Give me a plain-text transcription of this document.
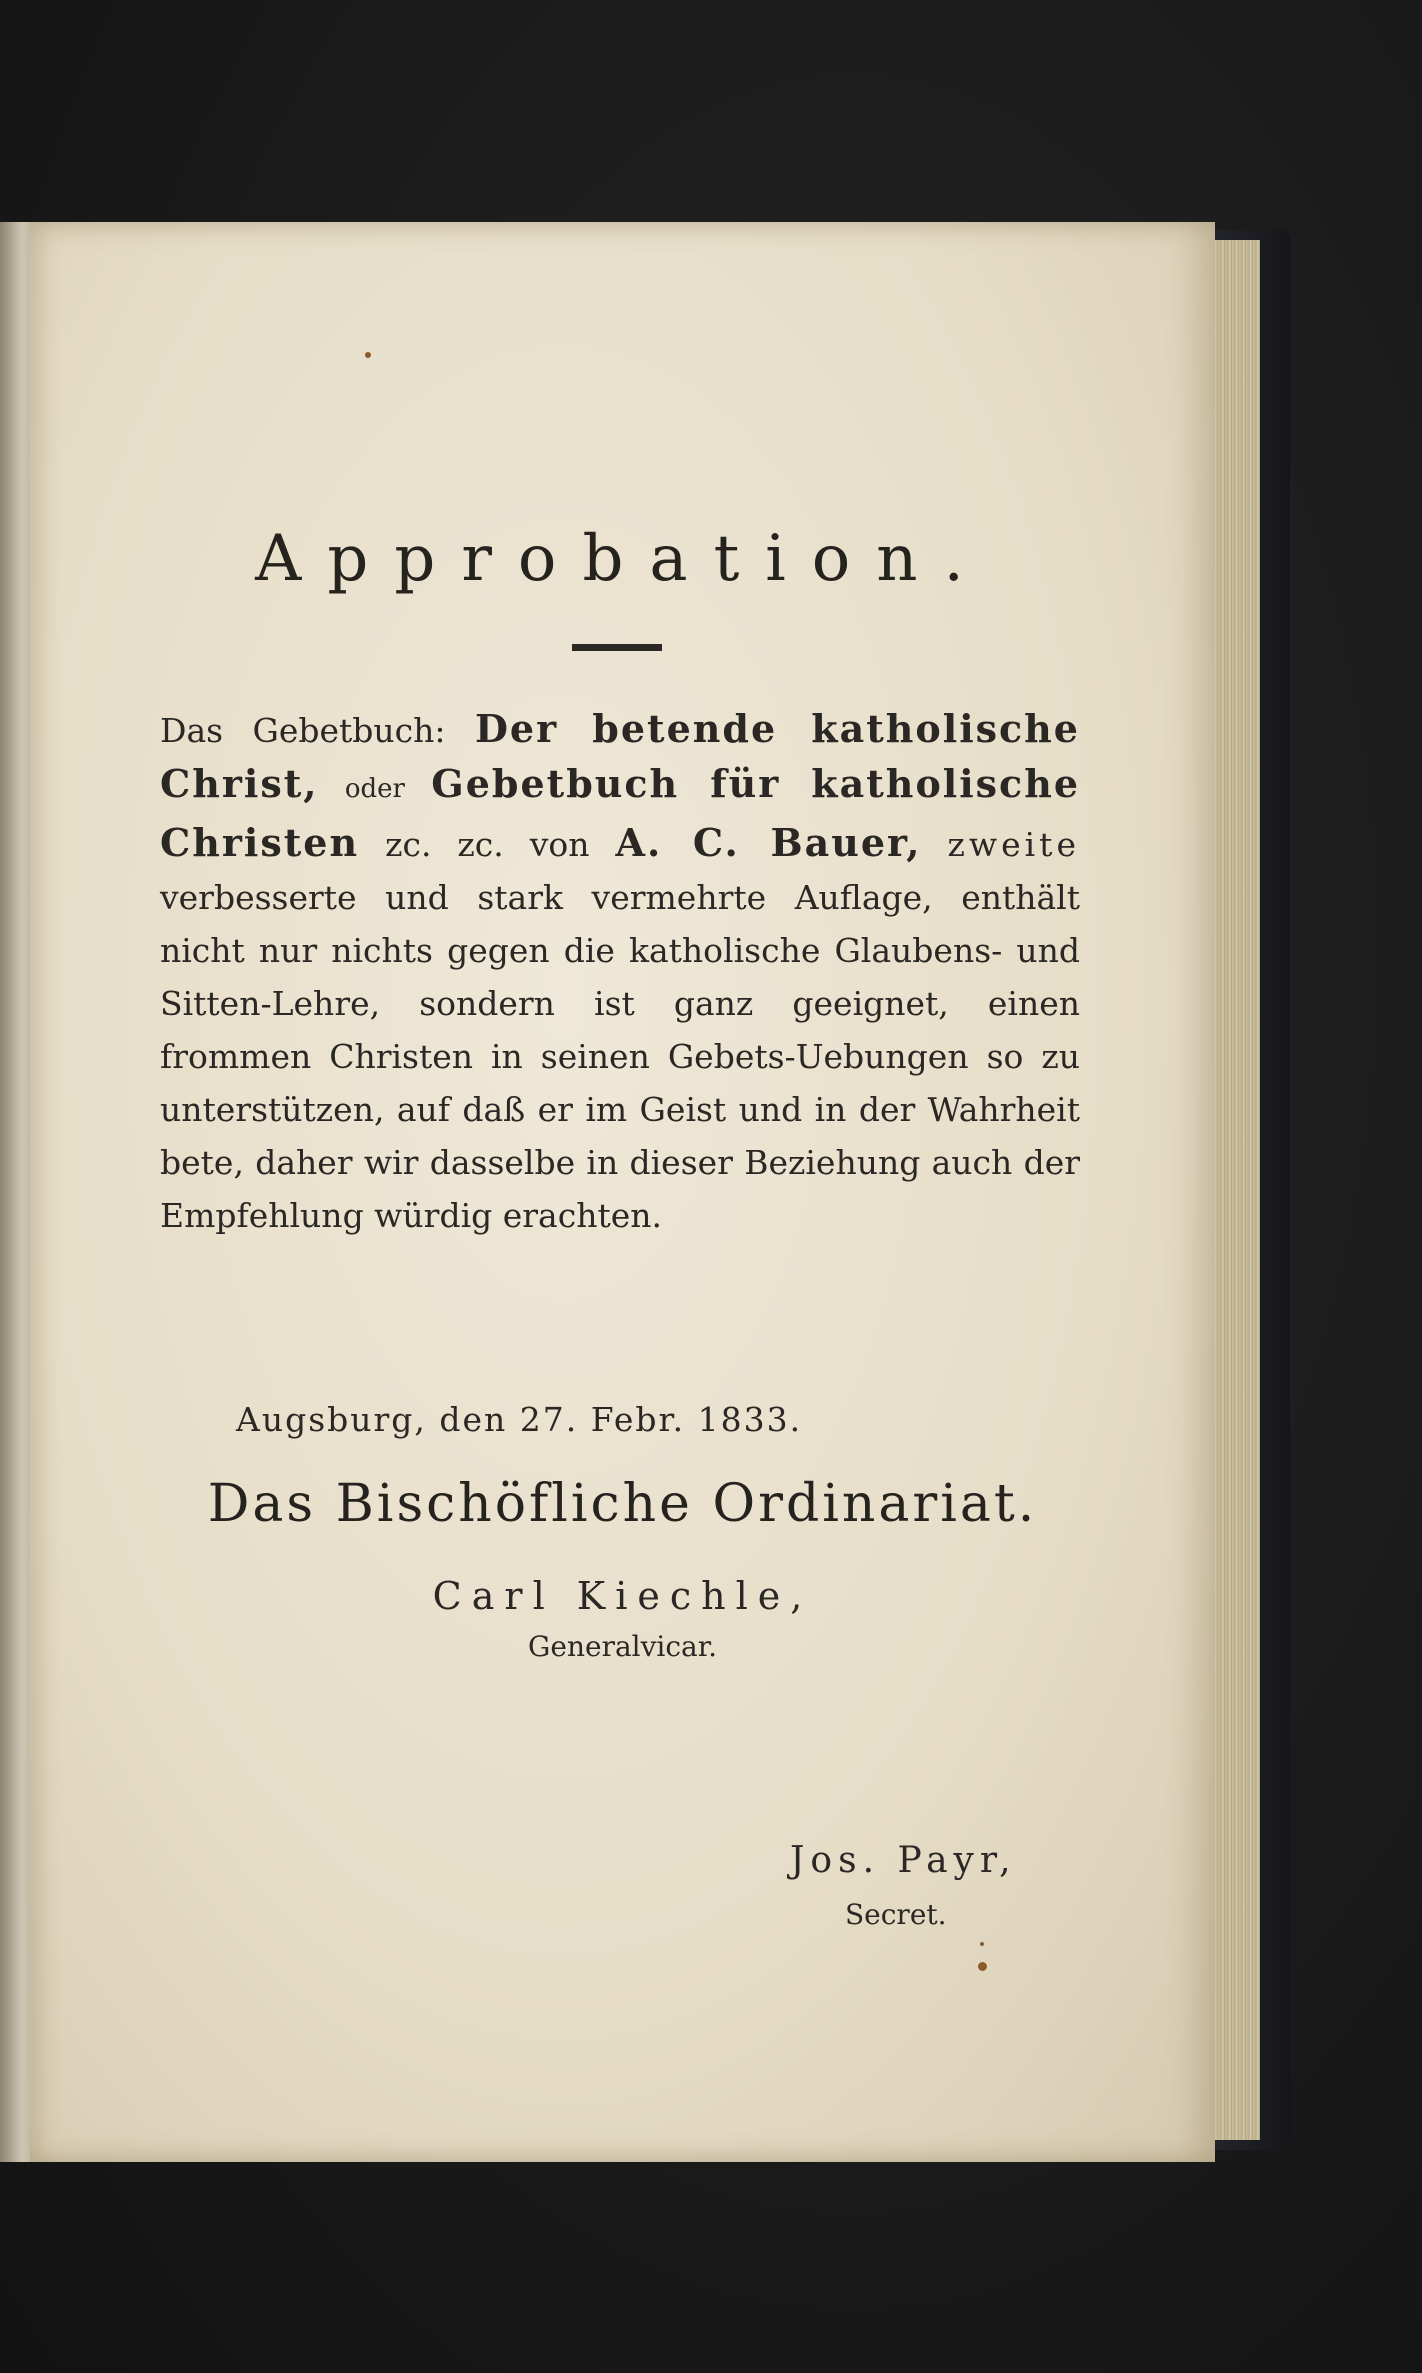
Approbation.
Das Gebetbuch: Der betende katholische Christ, oder Gebetbuch für katholische Christen zc. zc. von A. C. Bauer, zweite verbesserte und stark vermehrte Auflage, enthält nicht nur nichts gegen die katholische Glaubens- und Sitten-Lehre, sondern ist ganz geeignet, einen frommen Christen in seinen Gebets-Uebungen so zu unterstützen, auf daß er im Geist und in der Wahrheit bete, daher wir dasselbe in dieser Beziehung auch der Empfehlung würdig erachten.
Augsburg, den 27. Febr. 1833.
Das Bischöfliche Ordinariat.
Carl Kiechle,
Generalvicar.
Jos. Payr,
Secret.
